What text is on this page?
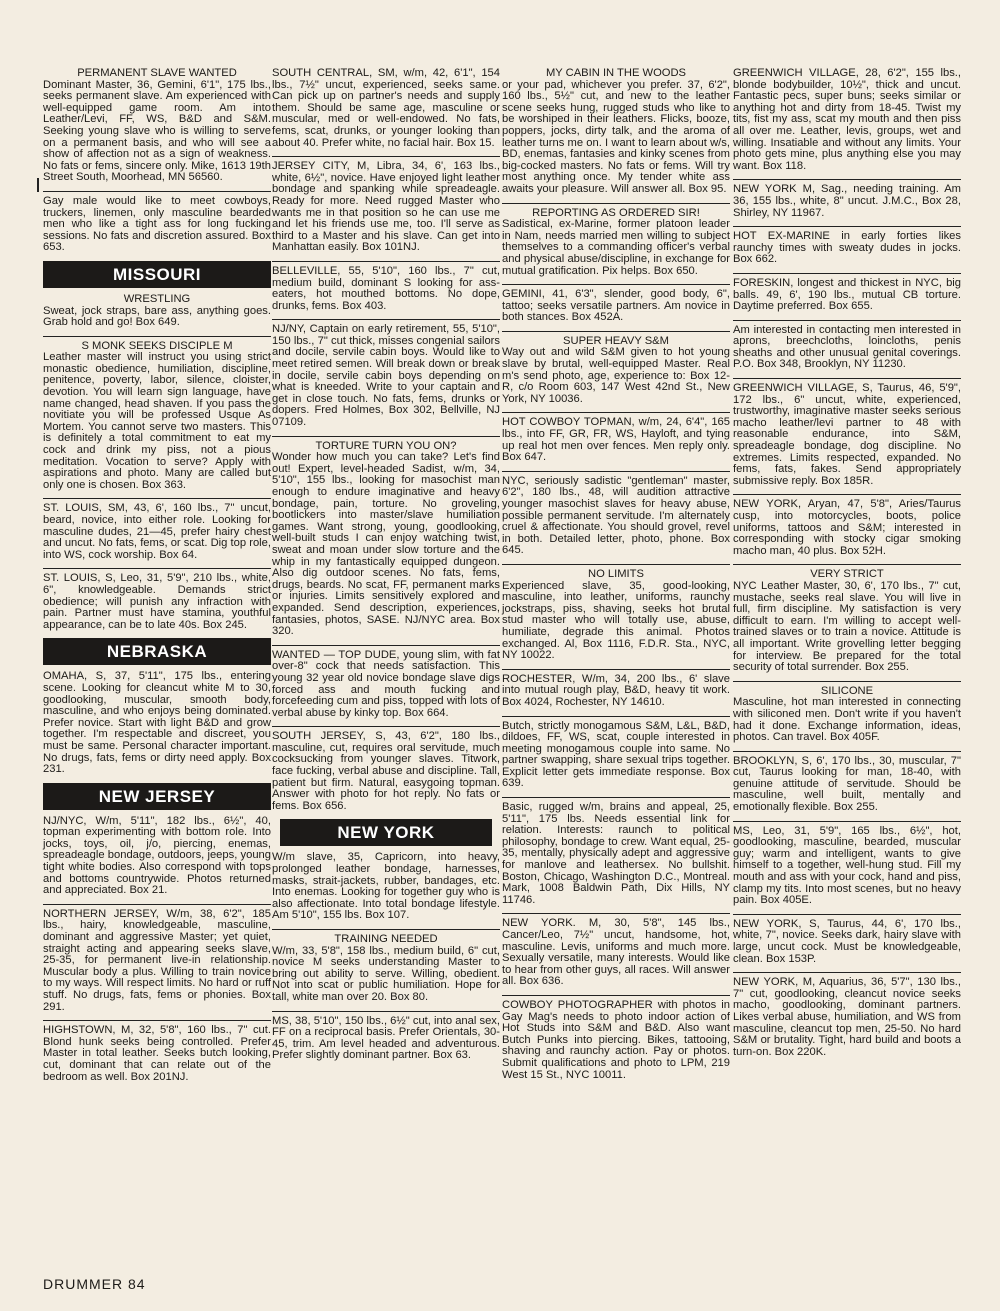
PERMANENT SLAVE WANTED

Dominant Master, 36, Gemini, 6'1", 175 lbs., seeks permanent slave. Am experienced with well-equipped game room. Am into Leather/Levi, FF, WS, B&D and S&M. Seeking young slave who is willing to serve on a permanent basis, and who will see a show of affection not as a sign of weakness. No fats or fems, sincere only. Mike, 1613 19th Street South, Moorhead, MN 56560.

Gay male would like to meet cowboys, truckers, linemen, only masculine bearded men who like a tight ass for long fucking sessions. No fats and discretion assured. Box 653.

MISSOURI

WRESTLING

Sweat, jock straps, bare ass, anything goes. Grab hold and go! Box 649.

S MONK SEEKS DISCIPLE M

Leather master will instruct you using strict monastic obedience, humiliation, discipline, penitence, poverty, labor, silence, cloister, devotion. You will learn sign language, have name changed, head shaven. If you pass the novitiate you will be professed Usque As Mortem. You cannot serve two masters. This is definitely a total commitment to eat my cock and drink my piss, not a pious meditation. Vocation to serve? Apply with aspirations and photo. Many are called but only one is chosen. Box 363.

ST. LOUIS, SM, 43, 6', 160 lbs., 7" uncut, beard, novice, into either role. Looking for masculine dudes, 21—45, prefer hairy chest and uncut. No fats, fems, or scat. Dig top role, into WS, cock worship. Box 64.

ST. LOUIS, S, Leo, 31, 5'9", 210 lbs., white, 6", knowledgeable. Demands strict obedience; will punish any infraction with pain. Partner must have stamina, youthful appearance, can be to late 40s. Box 245.

NEBRASKA

OMAHA, S, 37, 5'11", 175 lbs., entering scene. Looking for cleancut white M to 30, goodlooking, muscular, smooth body, masculine, and who enjoys being dominated. Prefer novice. Start with light B&D and grow together. I'm respectable and discreet, you must be same. Personal character important. No drugs, fats, fems or dirty need apply. Box 231.

NEW JERSEY

NJ/NYC, W/m, 5'11", 182 lbs., 6½", 40, topman experimenting with bottom role. Into jocks, toys, oil, j/o, piercing, enemas, spreadeagle bondage, outdoors, jeeps, young tight white bodies. Also correspond with tops and bottoms countrywide. Photos returned and appreciated. Box 21.

NORTHERN JERSEY, W/m, 38, 6'2", 185 lbs., hairy, knowledgeable, masculine, dominant and aggressive Master; yet quiet, straight acting and appearing seeks slave, 25-35, for permanent live-in relationship. Muscular body a plus. Willing to train novice to my ways. Will respect limits. No hard or ruff stuff. No drugs, fats, fems or phonies. Box 291.

HIGHSTOWN, M, 32, 5'8", 160 lbs., 7" cut. Blond hunk seeks being controlled. Prefer Master in total leather. Seeks butch looking, cut, dominant that can relate out of the bedroom as well. Box 201NJ.

SOUTH CENTRAL, SM, w/m, 42, 6'1", 154 lbs., 7½" uncut, experienced, seeks same. Can pick up on partner's needs and supply them. Should be same age, masculine or muscular, med or well-endowed. No fats, fems, scat, drunks, or younger looking than about 40. Prefer white, no facial hair. Box 15.

JERSEY CITY, M, Libra, 34, 6', 163 lbs., white, 6½", novice. Have enjoyed light leather bondage and spanking while spreadeagle. Ready for more. Need rugged Master who wants me in that position so he can use me and let his friends use me, too. I'll serve as third to a Master and his slave. Can get into Manhattan easily. Box 101NJ.

BELLEVILLE, 55, 5'10", 160 lbs., 7" cut, medium build, dominant S looking for ass-eaters, hot mouthed bottoms. No dope, drunks, fems. Box 403.

NJ/NY, Captain on early retirement, 55, 5'10", 150 lbs., 7" cut thick, misses congenial sailors and docile, servile cabin boys. Would like to meet retired semen. Will break down or break in docile, servile cabin boys depending on what is kneeded. Write to your captain and get in close touch. No fats, fems, drunks or dopers. Fred Holmes, Box 302, Bellville, NJ 07109.

TORTURE TURN YOU ON?

Wonder how much you can take? Let's find out! Expert, level-headed Sadist, w/m, 34, 5'10", 155 lbs., looking for masochist man enough to endure imaginative and heavy bondage, pain, torture. No groveling, bootlickers into master/slave humiliation games. Want strong, young, goodlooking, well-built studs I can enjoy watching twist, sweat and moan under slow torture and the whip in my fantastically equipped dungeon. Also dig outdoor scenes. No fats, fems, drugs, beards. No scat, FF, permanent marks or injuries. Limits sensitively explored and expanded. Send description, experiences, fantasies, photos, SASE. NJ/NYC area. Box 320.

WANTED — TOP DUDE, young slim, with fat over-8" cock that needs satisfaction. This young 32 year old novice bondage slave digs forced ass and mouth fucking and forcefeeding cum and piss, topped with lots of verbal abuse by kinky top. Box 664.

SOUTH JERSEY, S, 43, 6'2", 180 lbs., masculine, cut, requires oral servitude, much cocksucking from younger slaves. Titwork, face fucking, verbal abuse and discipline. Tall, patient but firm. Natural, easygoing topman. Answer with photo for hot reply. No fats or fems. Box 656.

NEW YORK

W/m slave, 35, Capricorn, into heavy, prolonged leather bondage, harnesses, masks, strait-jackets, rubber, bandages, etc. Into enemas. Looking for together guy who is also affectionate. Into total bondage lifestyle. Am 5'10", 155 lbs. Box 107.

TRAINING NEEDED

W/m, 33, 5'8", 158 lbs., medium build, 6" cut, novice M seeks understanding Master to bring out ability to serve. Willing, obedient. Not into scat or public humiliation. Hope for tall, white man over 20. Box 80.

MS, 38, 5'10", 150 lbs., 6½" cut, into anal sex, FF on a reciprocal basis. Prefer Orientals, 30-45, trim. Am level headed and adventurous. Prefer slightly dominant partner. Box 63.

MY CABIN IN THE WOODS

or your pad, whichever you prefer. 37, 6'2", 160 lbs., 5½" cut, and new to the leather scene seeks hung, rugged studs who like to be worshiped in their leathers. Flicks, booze, poppers, jocks, dirty talk, and the aroma of leather turns me on. I want to learn about w/s, BD, enemas, fantasies and kinky scenes from big-cocked masters. No fats or fems. Will try most anything once. My tender white ass awaits your pleasure. Will answer all. Box 95.

REPORTING AS ORDERED SIR!

Sadistical, ex-Marine, former platoon leader in Nam, needs married men willing to subject themselves to a commanding officer's verbal and physical abuse/discipline, in exchange for mutual gratification. Pix helps. Box 650.

GEMINI, 41, 6'3", slender, good body, 6", tattoo; seeks versatile partners. Am novice in both stances. Box 452A.

SUPER HEAVY S&M

Way out and wild S&M given to hot young slave by brutal, well-equipped Master. Real m's send photo, age, experience to: Box 12-R, c/o Room 603, 147 West 42nd St., New York, NY 10036.

HOT COWBOY TOPMAN, w/m, 24, 6'4", 165 lbs., into FF, GR, FR, WS, Hayloft, and tying up real hot men over fences. Men reply only. Box 647.

NYC, seriously sadistic "gentleman" master, 6'2", 180 lbs., 48, will audition attractive younger masochist slaves for heavy abuse, possible permanent servitude. I'm alternately cruel & affectionate. You should grovel, revel in both. Detailed letter, photo, phone. Box 645.

NO LIMITS

Experienced slave, 35, good-looking, masculine, into leather, uniforms, raunchy jockstraps, piss, shaving, seeks hot brutal stud master who will totally use, abuse, humiliate, degrade this animal. Photos exchanged. Al, Box 1116, F.D.R. Sta., NYC, NY 10022.

ROCHESTER, W/m, 34, 200 lbs., 6' slave into mutual rough play, B&D, heavy tit work. Box 4024, Rochester, NY 14610.

Butch, strictly monogamous S&M, L&L, B&D, dildoes, FF, WS, scat, couple interested in meeting monogamous couple into same. No partner swapping, share sexual trips together. Explicit letter gets immediate response. Box 639.

Basic, rugged w/m, brains and appeal, 25, 5'11", 175 lbs. Needs essential link for relation. Interests: raunch to political philosophy, bondage to crew. Want equal, 25-35, mentally, physically adept and aggressive for manlove and leathersex. No bullshit. Boston, Chicago, Washington D.C., Montreal. Mark, 1008 Baldwin Path, Dix Hills, NY 11746.

NEW YORK. M, 30, 5'8", 145 lbs., Cancer/Leo, 7½" uncut, handsome, hot, masculine. Levis, uniforms and much more. Sexually versatile, many interests. Would like to hear from other guys, all races. Will answer all. Box 636.

COWBOY PHOTOGRAPHER with photos in Gay Mag's needs to photo indoor action of Hot Studs into S&M and B&D. Also want Butch Punks into piercing. Bikes, tattooing, shaving and raunchy action. Pay or photos. Submit qualifications and photo to LPM, 219 West 15 St., NYC 10011.

GREENWICH VILLAGE, 28, 6'2", 155 lbs., blonde bodybuilder, 10½", thick and uncut. Fantastic pecs, super buns; seeks similar or anything hot and dirty from 18-45. Twist my tits, fist my ass, scat my mouth and then piss all over me. Leather, levis, groups, wet and willing. Insatiable and without any limits. Your photo gets mine, plus anything else you may want. Box 118.

NEW YORK M, Sag., needing training. Am 36, 155 lbs., white, 8" uncut. J.M.C., Box 28, Shirley, NY 11967.

HOT EX-MARINE in early forties likes raunchy times with sweaty dudes in jocks. Box 662.

FORESKIN, longest and thickest in NYC, big balls. 49, 6', 190 lbs., mutual CB torture. Daytime preferred. Box 655.

Am interested in contacting men interested in aprons, breechcloths, loincloths, penis sheaths and other unusual genital coverings. P.O. Box 348, Brooklyn, NY 11230.

GREENWICH VILLAGE, S, Taurus, 46, 5'9", 172 lbs., 6" uncut, white, experienced, trustworthy, imaginative master seeks serious macho leather/levi partner to 48 with reasonable endurance, into S&M, spreadeagle bondage, dog discipline. No extremes. Limits respected, expanded. No fems, fats, fakes. Send appropriately submissive reply. Box 185R.

NEW YORK, Aryan, 47, 5'8", Aries/Taurus cusp, into motorcycles, boots, police uniforms, tattoos and S&M; interested in corresponding with stocky cigar smoking macho man, 40 plus. Box 52H.

VERY STRICT

NYC Leather Master, 30, 6', 170 lbs., 7" cut, mustache, seeks real slave. You will live in full, firm discipline. My satisfaction is very difficult to earn. I'm willing to accept well-trained slaves or to train a novice. Attitude is all important. Write grovelling letter begging for interview. Be prepared for the total security of total surrender. Box 255.

SILICONE

Masculine, hot man interested in connecting with siliconed men. Don't write if you haven't had it done. Exchange information, ideas, photos. Can travel. Box 405F.

BROOKLYN, S, 6', 170 lbs., 30, muscular, 7" cut, Taurus looking for man, 18-40, with genuine attitude of servitude. Should be masculine, well built, mentally and emotionally flexible. Box 255.

MS, Leo, 31, 5'9", 165 lbs., 6½", hot, goodlooking, masculine, bearded, muscular guy; warm and intelligent, wants to give himself to a together, well-hung stud. Fill my mouth and ass with your cock, hand and piss, clamp my tits. Into most scenes, but no heavy pain. Box 405E.

NEW YORK, S, Taurus, 44, 6', 170 lbs., white, 7", novice. Seeks dark, hairy slave with large, uncut cock. Must be knowledgeable, clean. Box 153P.

NEW YORK, M, Aquarius, 36, 5'7", 130 lbs., 7" cut, goodlooking, cleancut novice seeks macho, goodlooking, dominant partners. Likes verbal abuse, humiliation, and WS from masculine, cleancut top men, 25-50. No hard S&M or brutality. Tight, hard build and boots a turn-on. Box 220K.

DRUMMER 84
